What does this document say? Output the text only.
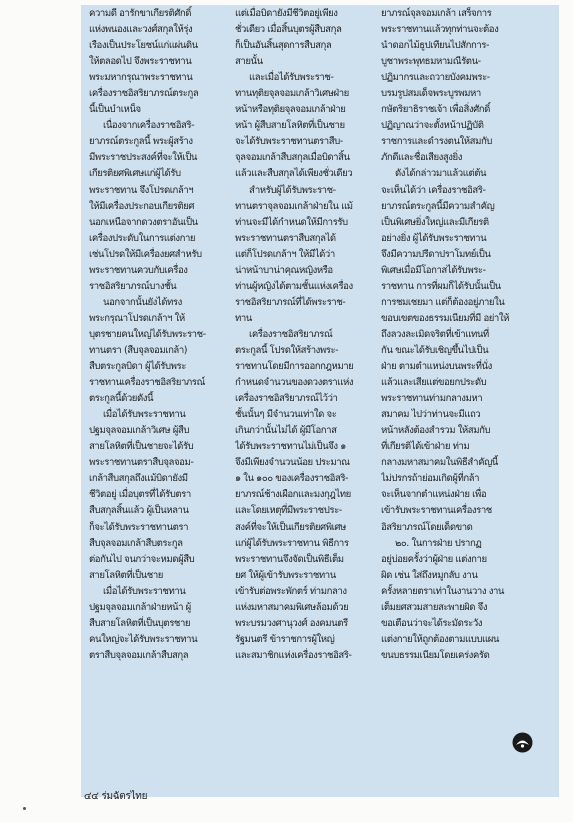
ความดี อารักขาเกียรติศักดิ์
แห่งพนองและวงศ์สกุลให้รุ่ง
เรืองเป็นประโยชน์แก่แผ่นดิน
ให้ตลอดไป จึงพระราชทาน
พระมหากรุณาพระราชทาน
เครื่องราชอิสริยาภรณ์ตระกูล
นี้เป็นบำเหน็จ
เนื่องจากเครื่องราชอิสริ-
ยาภรณ์ตระกูลนี้ พระผู้สร้าง
มีพระราชประสงค์ที่จะให้เป็น
เกียรติยศพิเศษแก่ผู้ได้รับ
พระราชทาน จึงโปรดเกล้าฯ
ให้มีเครื่องประกอบเกียรติยศ
นอกเหนือจากดวงตราอันเป็น
เครื่องประดับในการแต่งกาย
เช่นโปรดให้มีเครื่องยศสำหรับ
พระราชทานควบกับเครื่อง
ราชอิสริยาภรณ์บางชั้น
นอกจากนั้นยังได้ทรง
พระกรุณาโปรดเกล้าฯ ให้
บุตรชายคนใหญ่ได้รับพระราช-
ทานตรา (สืบจุลจอมเกล้า)
สืบตระกูลบิดา ผู้ได้รับพระ
ราชทานเครื่องราชอิสริยาภรณ์
ตระกูลนี้ด้วยดังนี้
เมื่อได้รับพระราชทาน
ปฐมจุลจอมเกล้าวิเศษ ผู้สืบ
สายโลหิตที่เป็นชายจะได้รับ
พระราชทานตราสืบจุลจอม-
เกล้าสืบสกุลถึงแม้บิดายังมี
ชีวิตอยู่ เมื่อบุตรที่ได้รับตรา
สืบสกุลสิ้นแล้ว ผู้เป็นหลาน
ก็จะได้รับพระราชทานตรา
สืบจุลจอมเกล้าสืบตระกูล
ต่อกันไป จนกว่าจะหมดผู้สืบ
สายโลหิตที่เป็นชาย
เมื่อได้รับพระราชทาน
ปฐมจุลจอมเกล้าฝ่ายหน้า ผู้
สืบสายโลหิตที่เป็นบุตรชาย
คนใหญ่จะได้รับพระราชทาน
ตราสืบจุลจอมเกล้าสืบสกุล
แต่เมื่อบิดายังมีชีวิตอยู่เพียง
ชั่วเดียว เมื่อสิ้นบุตรผู้สืบสกุล
ก็เป็นอันสิ้นสุดการสืบสกุล
สายนั้น
และเมื่อได้รับพระราช-
ทานทุติยจุลจอมเกล้าวิเศษฝ่าย
หน้าหรือทุติยจุลจอมเกล้าฝ่าย
หน้า ผู้สืบสายโลหิตที่เป็นชาย
จะได้รับพระราชทานตราสืบ-
จุลจอมเกล้าสืบสกุลเมื่อบิดาสิ้น
แล้วและสืบสกุลได้เพียงชั่วเดียว
สำหรับผู้ได้รับพระราช-
ทานตราจุลจอมเกล้าฝ่ายใน แม้
ท่านจะมีได้กำหนดให้มีการรับ
พระราชทานตราสืบสกุลได้
แต่ก็โปรดเกล้าฯ ให้มีได้ว่า
น่าหน้าบาน่าคุณหญิงหรือ
ท่านผู้หญิงได้ตามชั้นแห่งเครื่อง
ราชอิสริยาภรณ์ที่ได้พระราช-
ทาน
เครื่องราชอิสริยาภรณ์
ตระกูลนี้ โปรดให้สร้างพระ-
ราชทานโดยมีการออกกฎหมาย
กำหนดจำนวนของดวงตราแห่ง
เครื่องราชอิสริยาภรณ์ไว้ว่า
ชั้นนั้นๆ มีจำนวนเท่าใด จะ
เกินกว่านั้นไม่ได้ ผู้มีโอกาส
ได้รับพระราชทานไม่เป็นจึง ๑
จึงมีเพียงจำนวนน้อย ประมาณ
๑ ใน ๑๐๐ ของเครื่องราชอิสริ-
ยาภรณ์ช้างเผือกและมงกุฎไทย
และโดยเหตุที่มีพระราชประ-
สงค์ที่จะให้เป็นเกียรติยศพิเศษ
แก่ผู้ได้รับพระราชทาน พิธีการ
พระราชทานจึงจัดเป็นพิธีเต็ม
ยศ ให้ผู้เข้ารับพระราชทาน
เข้ารับต่อพระพักตร์ ท่ามกลาง
แห่งมหาสมาคมพิเศษล้อมด้วย
พระบรมวงศานุวงศ์ องคมนตรี
รัฐมนตรี ข้าราชการผู้ใหญ่
และสมาชิกแห่งเครื่องราชอิสริ-
ยาภรณ์จุลจอมเกล้า เสร็จการ
พระราชทานแล้วทุกท่านจะต้อง
นำดอกไม้ธูปเทียนไปสักการ-
บูชาพระพุทธมหามณีรัตน-
ปฏิมากรและถวายบังคมพระ-
บรมรูปสมเด็จพระบูรพมหา
กษัตริยาธิราชเจ้า เพื่อสิ่งศักดิ์
ปฏิญาณว่าจะตั้งหน้าปฏิบัติ
ราชการและดำรงตนให้สมกับ
ภักดีและชื่อเสียงสูงยิ่ง
ดังได้กล่าวมาแล้วแต่ต้น
จะเห็นได้ว่า เครื่องราชอิสริ-
ยาภรณ์ตระกูลนี้มีความสำคัญ
เป็นพิเศษยิ่งใหญ่และมีเกียรติ
อย่างยิ่ง ผู้ได้รับพระราชทาน
จึงมีความปรีดาปราโมทย์เป็น
พิเศษเมื่อมีโอกาสได้รับพระ-
ราชทาน การที่ผมก็ได้รับนั้นเป็น
การชมเชยมา แต่ก็ต้องอยู่ภายใน
ขอบเขตของธรรมเนียมที่มี อย่าให้
ถึงลวงละเมิดจริตที่เข้าแทนที่
กัน ขณะได้รับเชิญขึ้นไปเป็น
ฝ่าย ตามตำแหน่งบนพระที่นั่ง
แล้วและเสียแต่ขอยกประดับ
พระราชทานท่ามกลางมหา
สมาคม ไปว่าท่านจะมีแถว
หน้าหลังต้องสำรวม ให้สมกับ
ที่เกียรติได้เข้าฝ่าย ท่าม
กลางมหาสมาคมในพิธีสำคัญนี้
ไม่ปรกรถ้าย่อมเกิดผู้ที่กล้า
จะเห็นจากตำแหน่งฝ่าย เพื่อ
เข้ารับพระราชทานเครื่องราช
อิสริยาภรณ์โดยเด็ดขาด
๒๐. ในการฝ่าย ปรากฏ
อยู่บ่อยครั้งว่าผู้ฝ่าย แต่งกาย
ผิด เช่น ใส่ถึงหมูกลับ งาน
ครั้งหลายตราเท่าในงานวาง งาน
เต็มยศสวมสายสะพายผิด จึง
ขอเตือนว่าจะได้ระมัดระวัง
แต่งกายให้ถูกต้องตามแบบแผน
ขนบธรรมเนียมโดยเคร่งครัด
๔๔ ร่มฉัตรไทย
